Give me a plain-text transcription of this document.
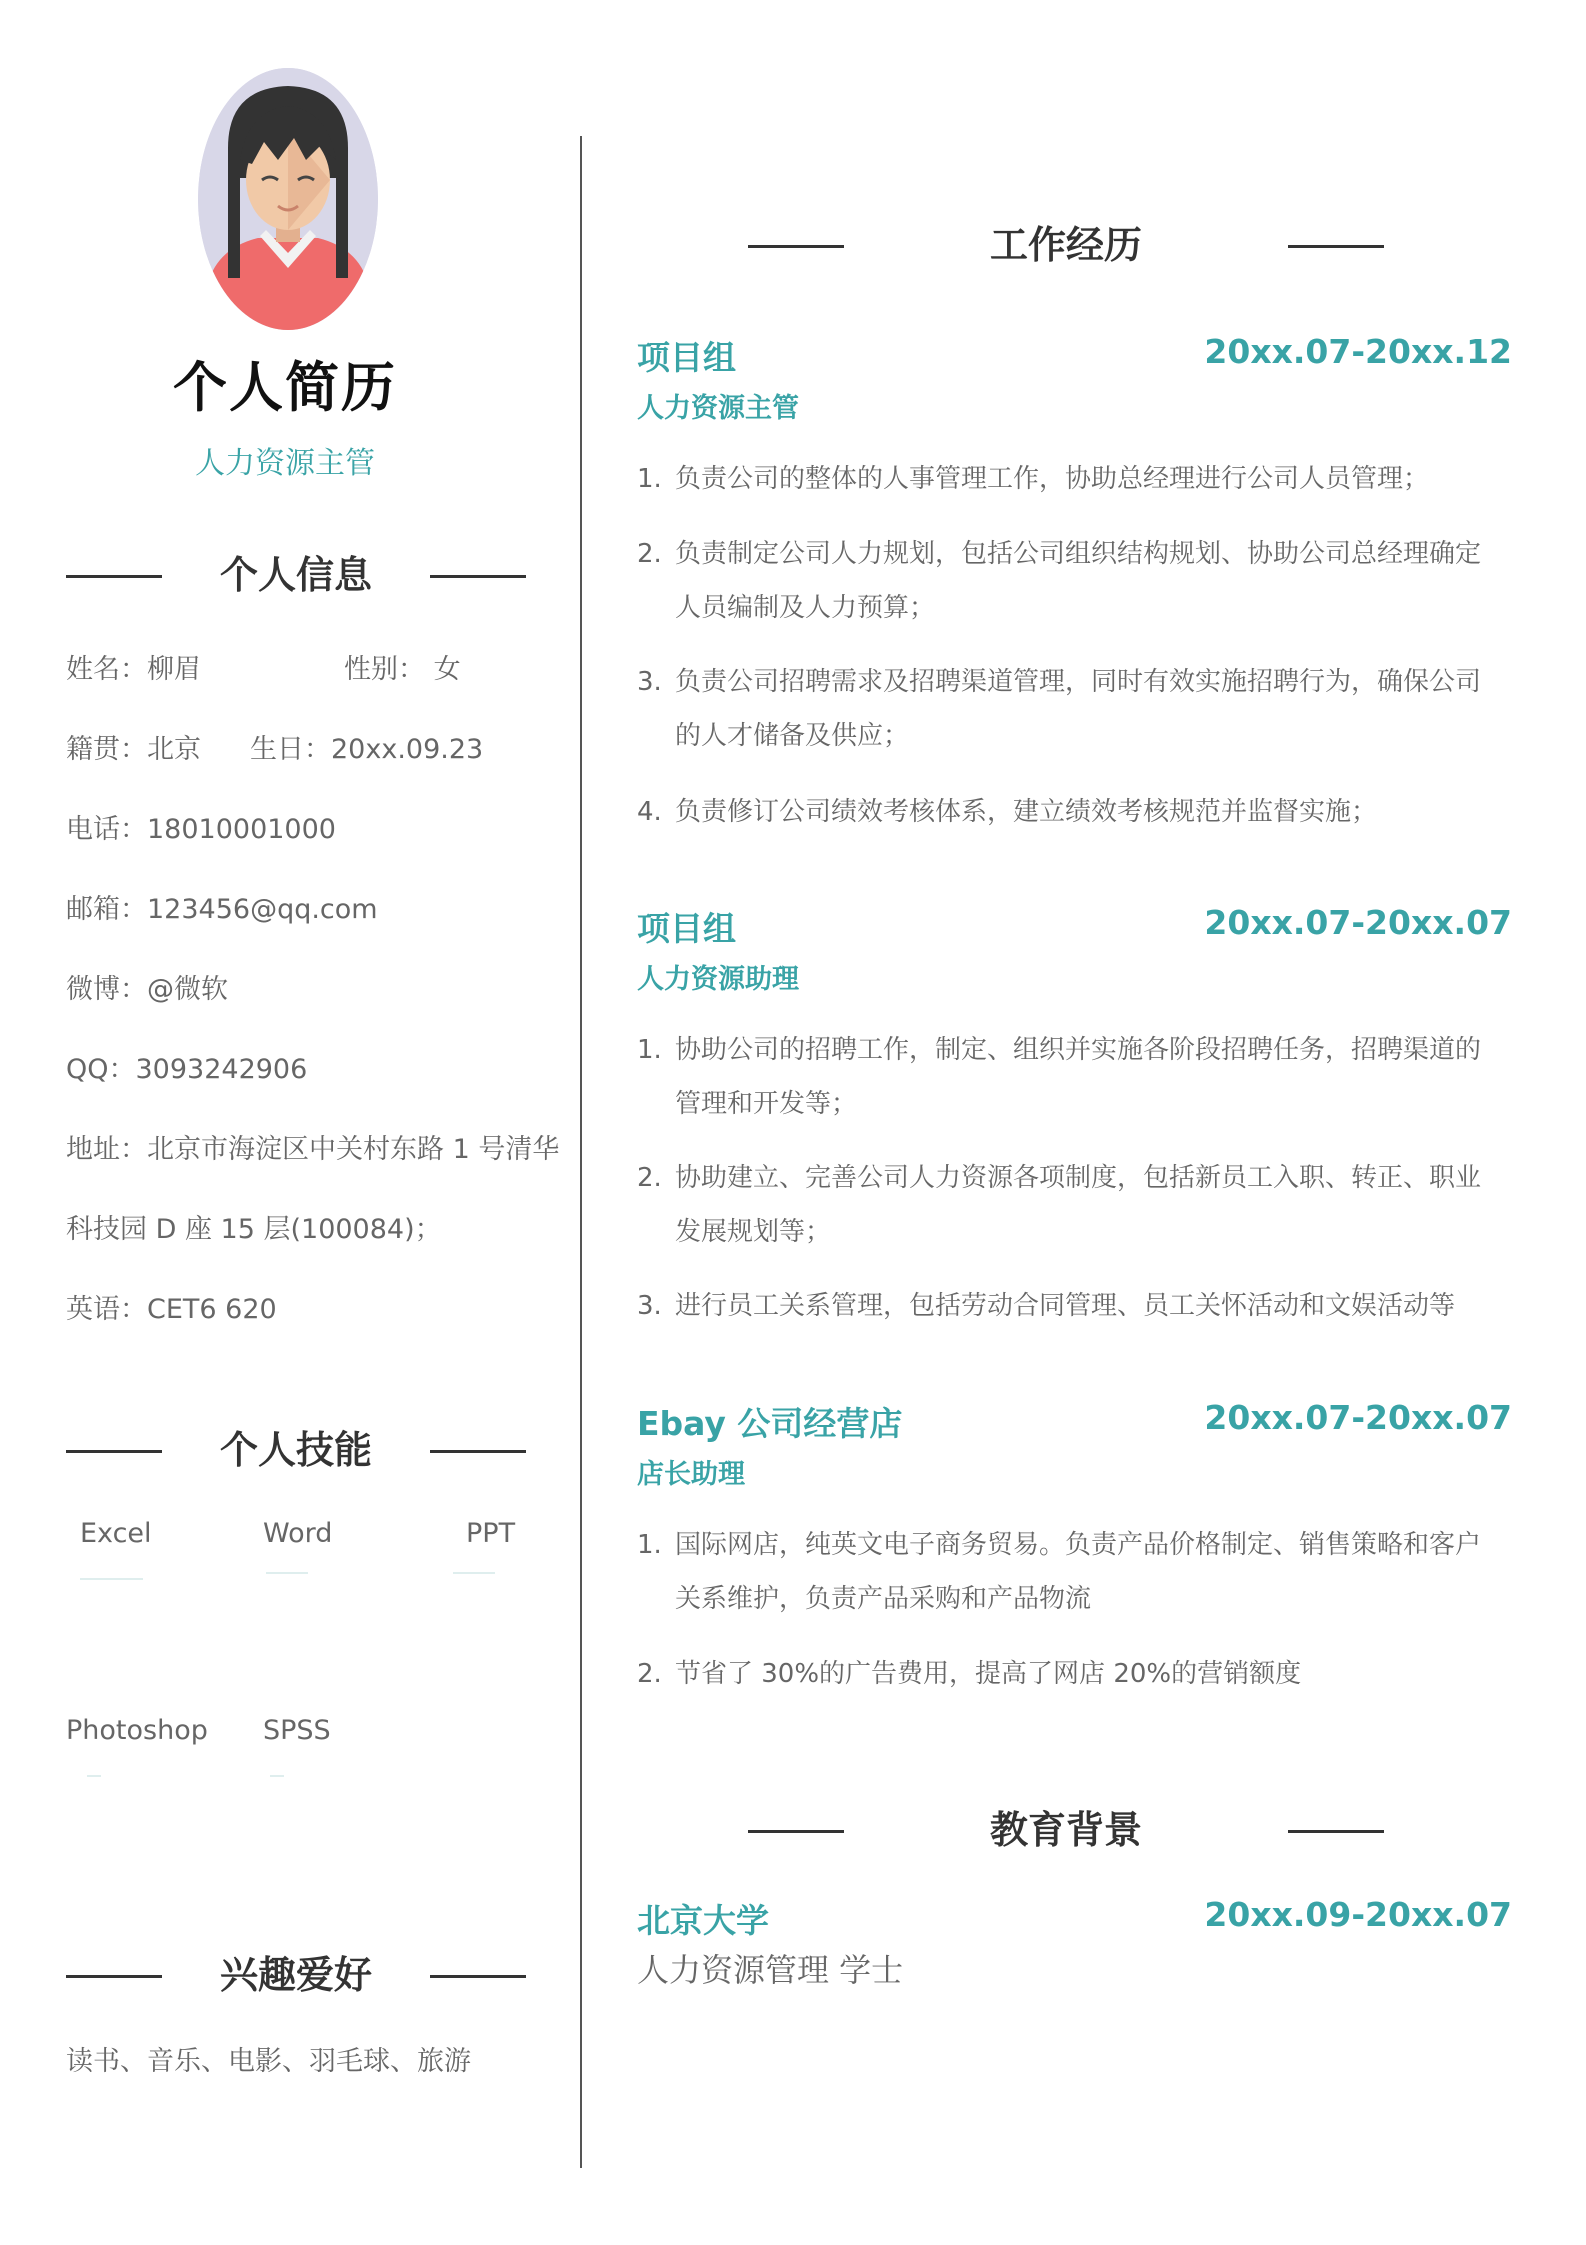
个人简历
人力资源主管
个人信息
姓名：柳眉	性别： 女
籍贯：北京 生日：20xx.09.23
电话：18010001000
邮箱：123456@qq.com
微博：@微软
QQ：3093242906
地址：北京市海淀区中关村东路 1 号清华
科技园 D 座 15 层(100084)；
英语：CET6 620
个人技能
Excel	Word	PPT
Photoshop SPSS
兴趣爱好
读书、音乐、电影、羽毛球、旅游
工作经历
项目组	20xx.07-20xx.12
人力资源主管
1. 负责公司的整体的人事管理工作，协助总经理进行公司人员管理；
2. 负责制定公司人力规划，包括公司组织结构规划、协助公司总经理确定人员编制及人力预算；
3. 负责公司招聘需求及招聘渠道管理，同时有效实施招聘行为，确保公司的人才储备及供应；
4. 负责修订公司绩效考核体系，建立绩效考核规范并监督实施；
项目组	20xx.07-20xx.07
人力资源助理
1. 协助公司的招聘工作，制定、组织并实施各阶段招聘任务，招聘渠道的管理和开发等；
2. 协助建立、完善公司人力资源各项制度，包括新员工入职、转正、职业发展规划等；
3. 进行员工关系管理，包括劳动合同管理、员工关怀活动和文娱活动等
Ebay 公司经营店	20xx.07-20xx.07
店长助理
1. 国际网店，纯英文电子商务贸易。负责产品价格制定、销售策略和客户关系维护，负责产品采购和产品物流
2. 节省了 30%的广告费用，提高了网店 20%的营销额度
教育背景
北京大学	20xx.09-20xx.07
人力资源管理 学士
